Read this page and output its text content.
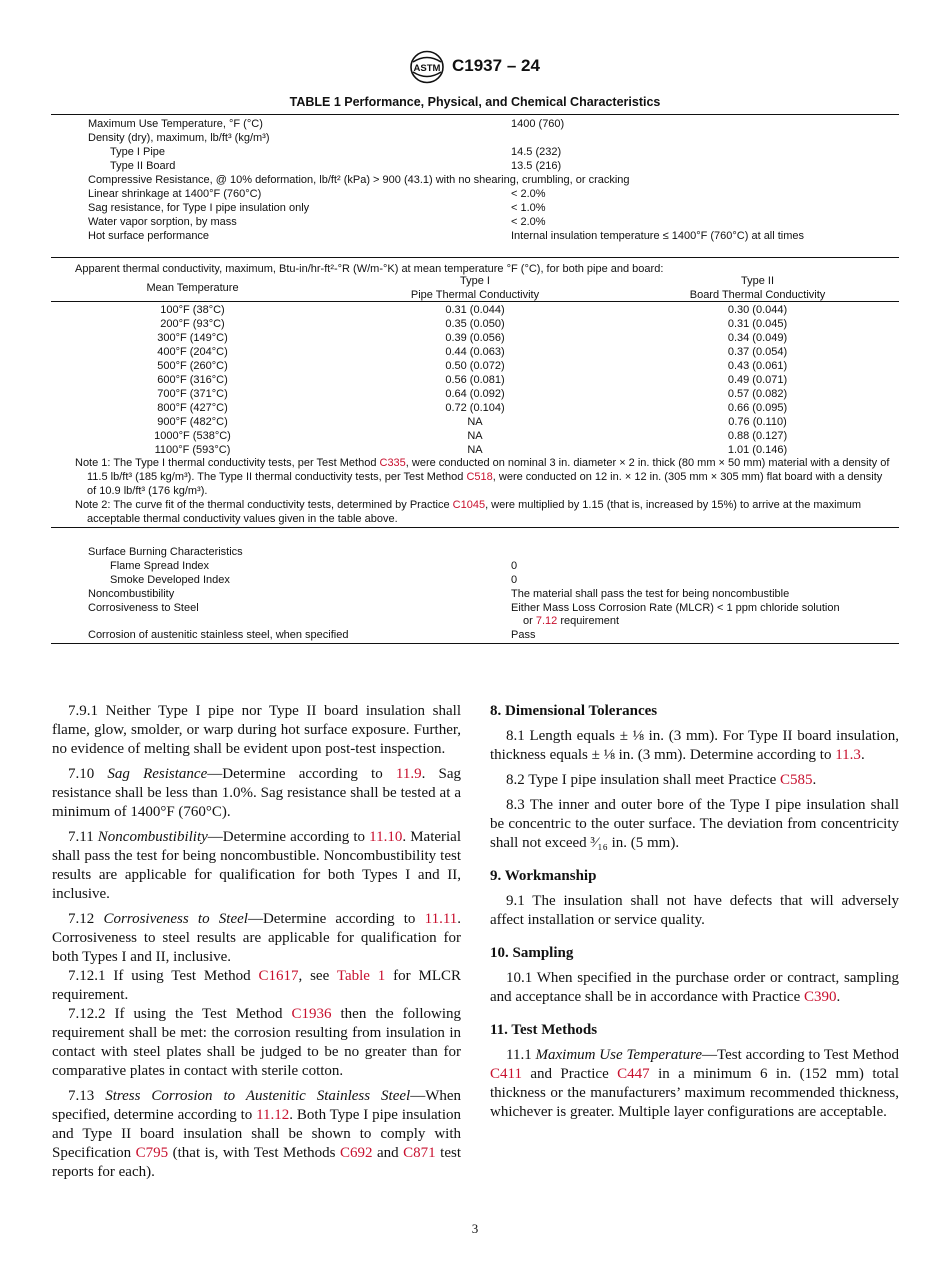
ASTM C1937 – 24
TABLE 1 Performance, Physical, and Chemical Characteristics
Maximum Use Temperature, °F (°C)	1400 (760)
Density (dry), maximum, lb/ft³ (kg/m³)
Type I Pipe	14.5 (232)
Type II Board	13.5 (216)
Compressive Resistance, @ 10% deformation, lb/ft² (kPa) > 900 (43.1) with no shearing, crumbling, or cracking
Linear shrinkage at 1400°F (760°C)	< 2.0%
Sag resistance, for Type I pipe insulation only	< 1.0%
Water vapor sorption, by mass	< 2.0%
Hot surface performance	Internal insulation temperature ≤ 1400°F (760°C) at all times
Apparent thermal conductivity, maximum, Btu-in/hr-ft²-°R (W/m-°K) at mean temperature °F (°C), for both pipe and board:
Mean Temperature
Type I	Type II
Pipe Thermal Conductivity	Board Thermal Conductivity
100°F (38°C)	0.31 (0.044)	0.30 (0.044)
200°F (93°C)	0.35 (0.050)	0.31 (0.045)
300°F (149°C)	0.39 (0.056)	0.34 (0.049)
400°F (204°C)	0.44 (0.063)	0.37 (0.054)
500°F (260°C)	0.50 (0.072)	0.43 (0.061)
600°F (316°C)	0.56 (0.081)	0.49 (0.071)
700°F (371°C)	0.64 (0.092)	0.57 (0.082)
800°F (427°C)	0.72 (0.104)	0.66 (0.095)
900°F (482°C)	NA	0.76 (0.110)
1000°F (538°C)	NA	0.88 (0.127)
1100°F (593°C)	NA	1.01 (0.146)
Note 1: The Type I thermal conductivity tests, per Test Method C335, were conducted on nominal 3 in. diameter × 2 in. thick (80 mm × 50 mm) material with a density of 11.5 lb/ft³ (185 kg/m³). The Type II thermal conductivity tests, per Test Method C518, were conducted on 12 in. × 12 in. (305 mm × 305 mm) flat board with a density of 10.9 lb/ft³ (176 kg/m³).
Note 2: The curve fit of the thermal conductivity tests, determined by Practice C1045, were multiplied by 1.15 (that is, increased by 15%) to arrive at the maximum acceptable thermal conductivity values given in the table above.
Surface Burning Characteristics
Flame Spread Index	0
Smoke Developed Index	0
Noncombustibility	The material shall pass the test for being noncombustible
Corrosiveness to Steel	Either Mass Loss Corrosion Rate (MLCR) < 1 ppm chloride solution
or 7.12 requirement
Corrosion of austenitic stainless steel, when specified	Pass

7.9.1 Neither Type I pipe nor Type II board insulation shall flame, glow, smolder, or warp during hot surface exposure. Further, no evidence of melting shall be evident upon post-test inspection.

7.10 Sag Resistance—Determine according to 11.9. Sag resistance shall be less than 1.0%. Sag resistance shall be tested at a minimum of 1400°F (760°C).

7.11 Noncombustibility—Determine according to 11.10. Material shall pass the test for being noncombustible. Noncombustibility test results are applicable for qualification for both Types I and II, inclusive.

7.12 Corrosiveness to Steel—Determine according to 11.11. Corrosiveness to steel results are applicable for qualification for both Types I and II, inclusive.

7.12.1 If using Test Method C1617, see Table 1 for MLCR requirement.

7.12.2 If using the Test Method C1936 then the following requirement shall be met: the corrosion resulting from insulation in contact with steel plates shall be judged to be no greater than for comparative plates in contact with sterile cotton.

7.13 Stress Corrosion to Austenitic Stainless Steel—When specified, determine according to 11.12. Both Type I pipe insulation and Type II board insulation shall be shown to comply with Specification C795 (that is, with Test Methods C692 and C871 test reports for each).

8. Dimensional Tolerances

8.1 Length equals ± ⅛ in. (3 mm). For Type II board insulation, thickness equals ± ⅛ in. (3 mm). Determine according to 11.3.

8.2 Type I pipe insulation shall meet Practice C585.

8.3 The inner and outer bore of the Type I pipe insulation shall be concentric to the outer surface. The deviation from concentricity shall not exceed ³⁄₁₆ in. (5 mm).

9. Workmanship

9.1 The insulation shall not have defects that will adversely affect installation or service quality.

10. Sampling

10.1 When specified in the purchase order or contract, sampling and acceptance shall be in accordance with Practice C390.

11. Test Methods

11.1 Maximum Use Temperature—Test according to Test Method C411 and Practice C447 in a minimum 6 in. (152 mm) total thickness or the manufacturers’ maximum recommended thickness, whichever is greater. Multiple layer configurations are acceptable.

3
